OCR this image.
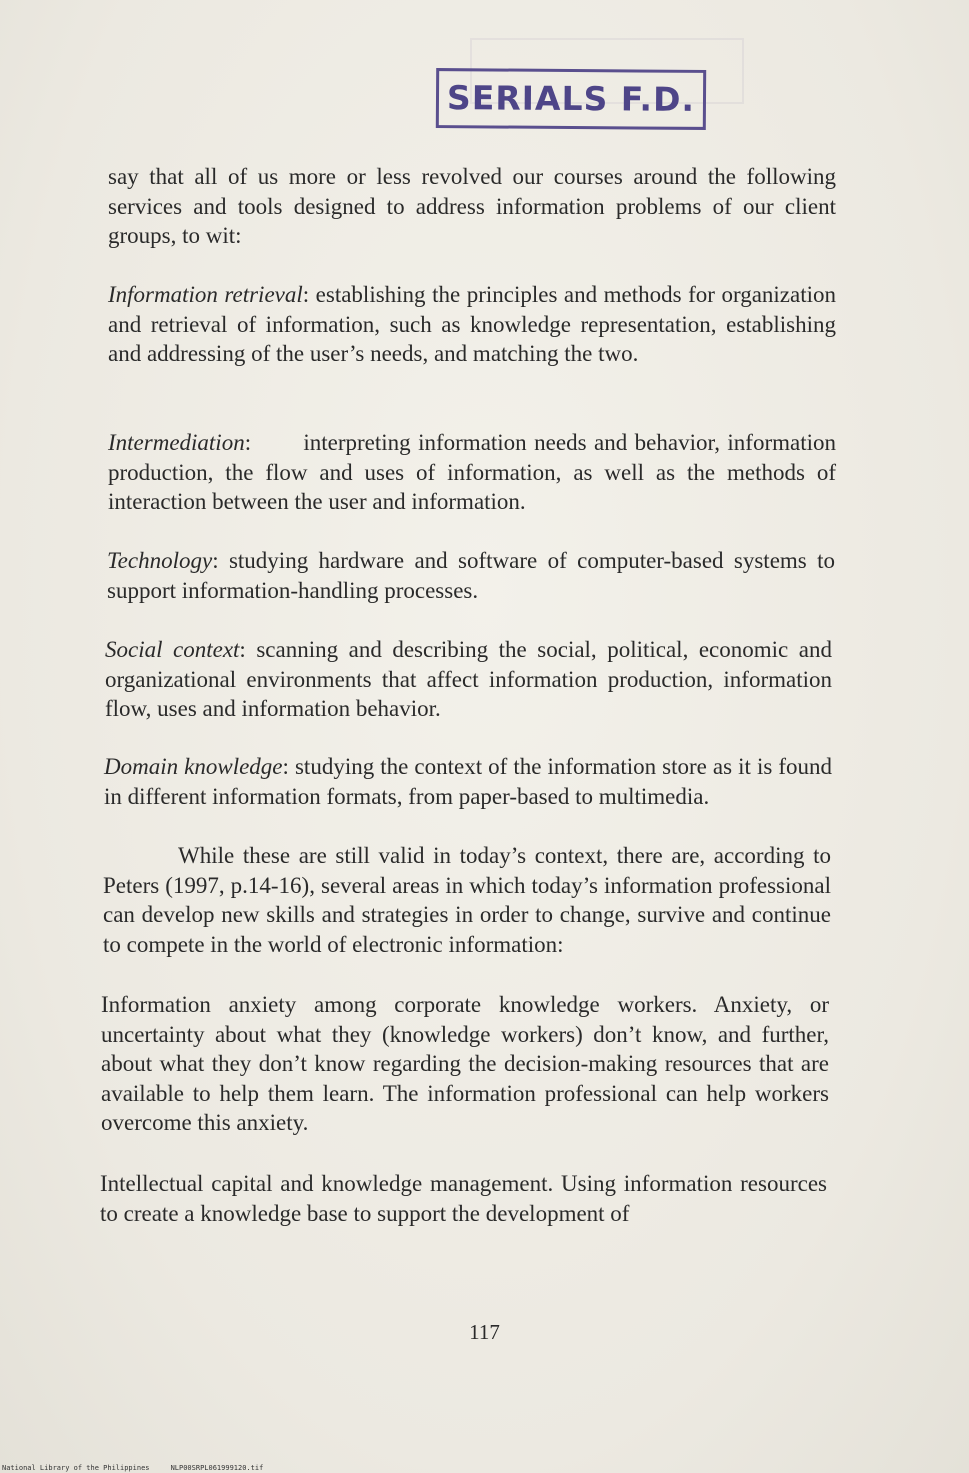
SERIALS F.D.

say that all of us more or less revolved our courses around the following services and tools designed to address information problems of our client groups, to wit:

Information retrieval: establishing the principles and methods for organization and retrieval of information, such as knowledge representation, establishing and addressing of the user’s needs, and matching the two.

Intermediation:       interpreting information needs and behavior, information production, the flow and uses of information, as well as the methods of interaction between the user and information.

Technology: studying hardware and software of computer-based systems to support information-handling processes.

Social context: scanning and describing the social, political, economic and organizational environments that affect information production, information flow, uses and information behavior.

Domain knowledge: studying the context of the information store as it is found in different information formats, from paper-based to multimedia.

While these are still valid in today’s context, there are, according to Peters (1997, p.14-16), several areas in which today’s information professional can develop new skills and strategies in order to change, survive and continue to compete in the world of electronic information:

Information anxiety among corporate knowledge workers. Anxiety, or uncertainty about what they (knowledge workers) don’t know, and further, about what they don’t know regarding the decision-making resources that are available to help them learn. The information professional can help workers overcome this anxiety.

Intellectual capital and knowledge management. Using information resources to create a knowledge base to support the development of

117
National Library of the Philippines     NLP00SRPL061999120.tif
